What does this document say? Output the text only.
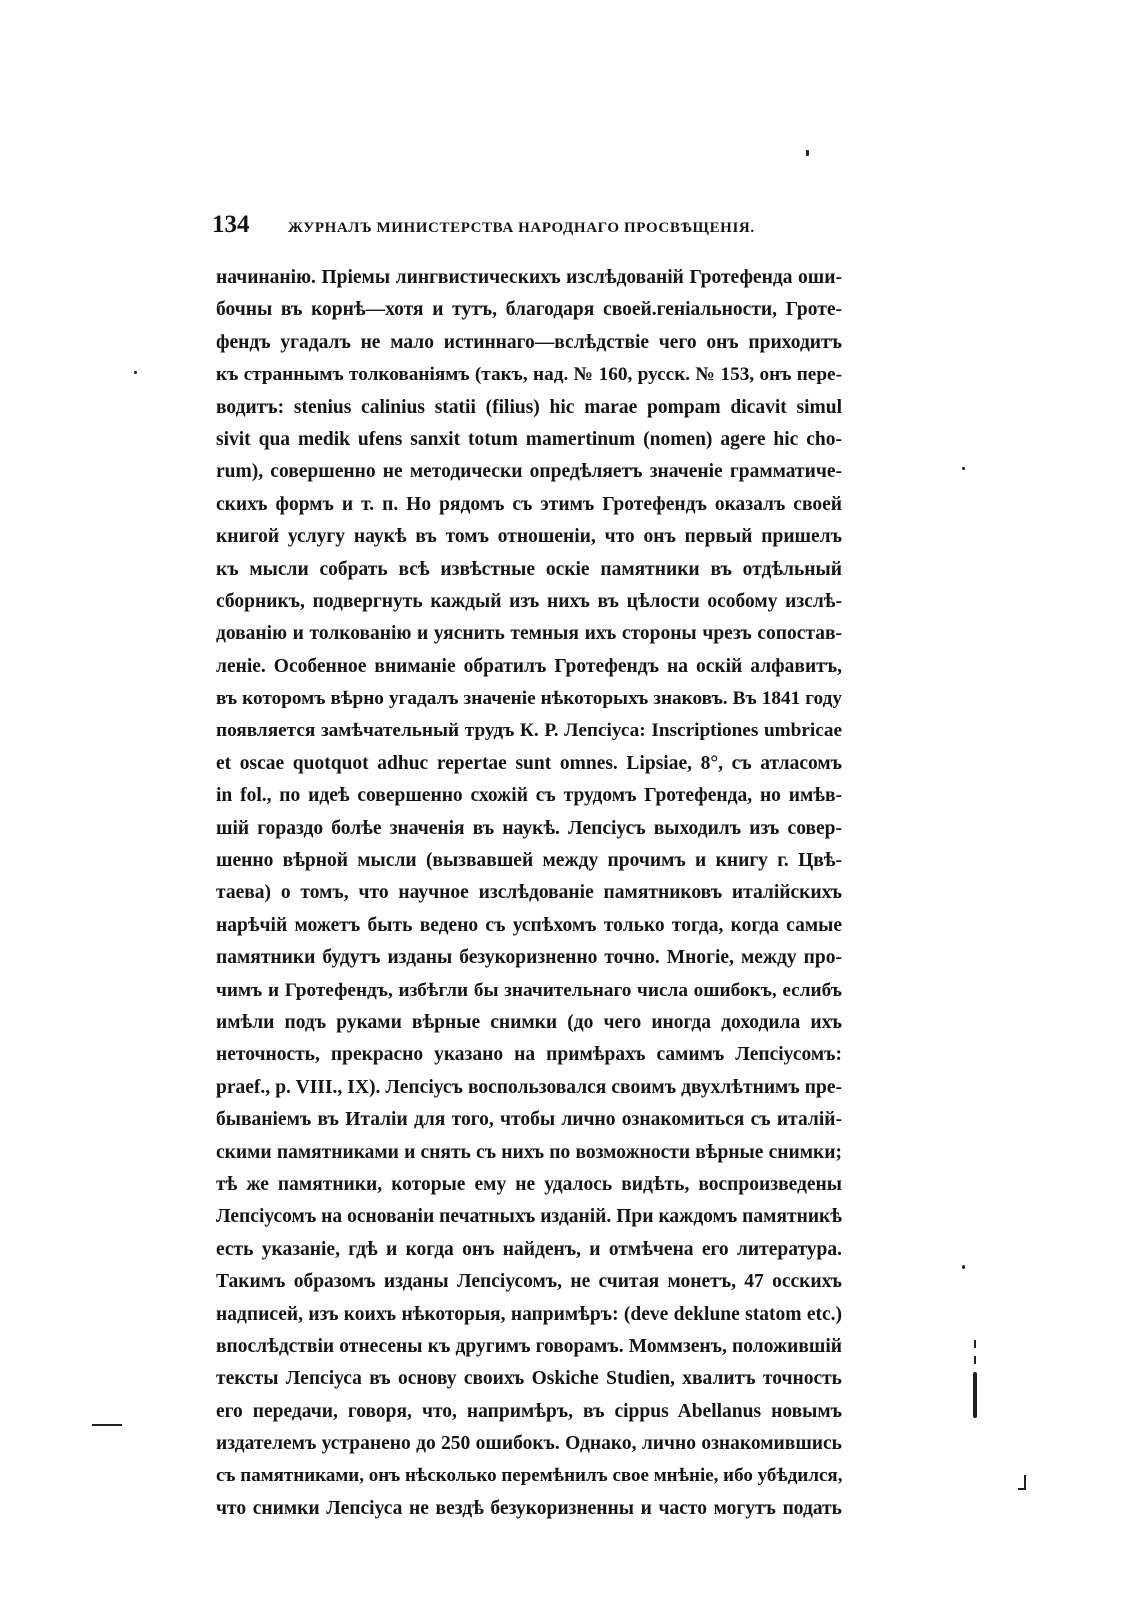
134	ЖУРНАЛЪ МИНИСТЕРСТВА НАРОДНАГО ПРОСВѢЩЕНІЯ.
начинанію. Пріемы лингвистическихъ изслѣдованій Гротефенда оши-
бочны въ корнѣ—хотя и тутъ, благодаря своей.геніальности, Гроте-
фендъ угадалъ не мало истиннаго—вслѣдствіе чего онъ приходитъ
къ страннымъ толкованіямъ (такъ, над. № 160, русск. № 153, онъ пере-
водитъ: stenius calinius statii (filius) hic marae pompam dicavit simul
sivit qua medik ufens sanxit totum mamertinum (nomen) agere hic cho-
rum), совершенно не методически опредѣляетъ значеніе грамматиче-
скихъ формъ и т. п. Но рядомъ съ этимъ Гротефендъ оказалъ своей
книгой услугу наукѣ въ томъ отношеніи, что онъ первый пришелъ
къ мысли собрать всѣ извѣстные оскіе памятники въ отдѣльный
сборникъ, подвергнуть каждый изъ нихъ въ цѣлости особому изслѣ-
дованію и толкованію и уяснить темныя ихъ стороны чрезъ сопостав-
леніе. Особенное вниманіе обратилъ Гротефендъ на оскій алфавитъ,
въ которомъ вѣрно угадалъ значеніе нѣкоторыхъ знаковъ. Въ 1841 году
появляется замѣчательный трудъ К. Р. Лепсіуса: Inscriptiones umbricae
et oscae quotquot adhuc repertae sunt omnes. Lipsiae, 8°, съ атласомъ
in fol., по идеѣ совершенно схожій съ трудомъ Гротефенда, но имѣв-
шій гораздо болѣе значенія въ наукѣ. Лепсіусъ выходилъ изъ совер-
шенно вѣрной мысли (вызвавшей между прочимъ и книгу г. Цвѣ-
таева) о томъ, что научное изслѣдованіе памятниковъ италійскихъ
нарѣчій можетъ быть ведено съ успѣхомъ только тогда, когда самые
памятники будутъ изданы безукоризненно точно. Многіе, между про-
чимъ и Гротефендъ, избѣгли бы значительнаго числа ошибокъ, еслибъ
имѣли подъ руками вѣрные снимки (до чего иногда доходила ихъ
неточность, прекрасно указано на примѣрахъ самимъ Лепсіусомъ:
praef., p. VIII., IX). Лепсіусъ воспользовался своимъ двухлѣтнимъ пре-
бываніемъ въ Италіи для того, чтобы лично ознакомиться съ италій-
скими памятниками и снять съ нихъ по возможности вѣрные снимки;
тѣ же памятники, которые ему не удалось видѣть, воспроизведены
Лепсіусомъ на основаніи печатныхъ изданій. При каждомъ памятникѣ
есть указаніе, гдѣ и когда онъ найденъ, и отмѣчена его литература.
Такимъ образомъ изданы Лепсіусомъ, не считая монетъ, 47 осскихъ
надписей, изъ коихъ нѣкоторыя, напримѣръ: (deve deklune statom etc.)
впослѣдствіи отнесены къ другимъ говорамъ. Моммзенъ, положившій
тексты Лепсіуса въ основу своихъ Oskiche Studien, хвалитъ точность
его передачи, говоря, что, напримѣръ, въ cippus Abellanus новымъ
издателемъ устранено до 250 ошибокъ. Однако, лично ознакомившись
съ памятниками, онъ нѣсколько перемѣнилъ свое мнѣніе, ибо убѣдился,
что снимки Лепсіуса не вездѣ безукоризненны и часто могутъ подать
